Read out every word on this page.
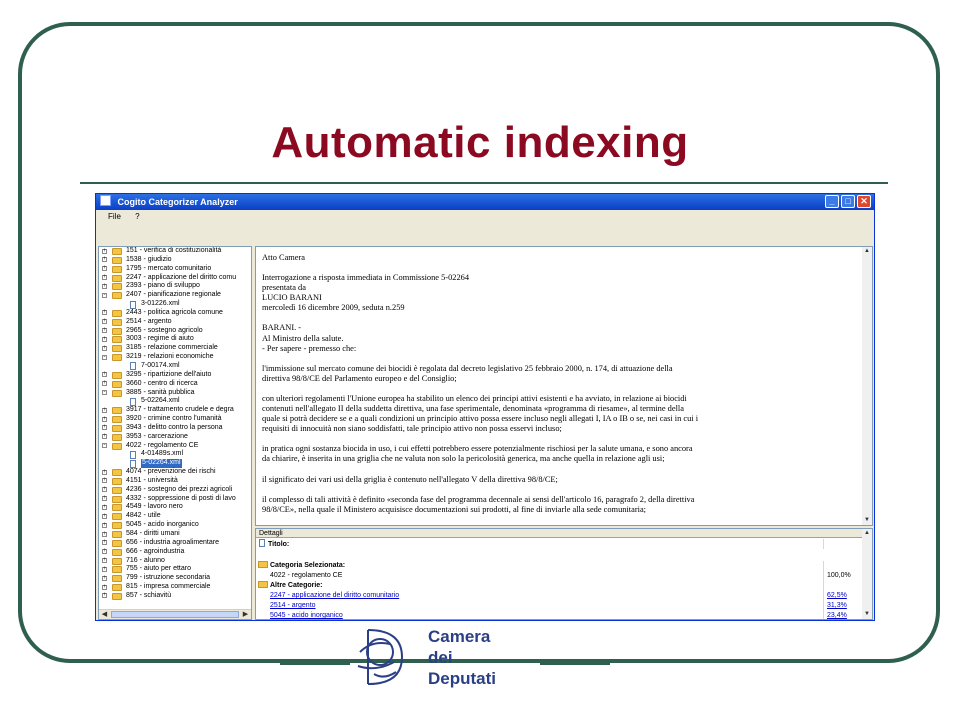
Automatic indexing
Cogito Categorizer Analyzer	_	□	✕
File ?
+	151 - verifica di costituzionalità
+	1538 - giudizio
+	1795 - mercato comunitario
+	2247 - applicazione del diritto comu
+	2393 - piano di sviluppo
-	2407 - pianificazione regionale
3-01226.xml
+	2443 - politica agricola comune
+	2514 - argento
+	2965 - sostegno agricolo
+	3003 - regime di aiuto
+	3185 - relazione commerciale
-	3219 - relazioni economiche
7-00174.xml
+	3295 - ripartizione dell'aiuto
+	3660 - centro di ricerca
-	3885 - sanità pubblica
5-02264.xml
+	3917 - trattamento crudele e degra
+	3920 - crimine contro l'umanità
+	3943 - delitto contro la persona
+	3953 - carcerazione
-	4022 - regolamento CE
4-01489s.xml
5-02264.xml
+	4074 - prevenzione dei rischi
+	4151 - università
+	4236 - sostegno dei prezzi agricoli
+	4332 - soppressione di posti di lavo
+	4549 - lavoro nero
+	4842 - utile
+	5045 - acido inorganico
+	584 - diritti umani
+	656 - industria agroalimentare
+	666 - agroindustria
+	716 - alunno
+	755 - aiuto per ettaro
+	799 - istruzione secondaria
+	815 - impresa commerciale
+	857 - schiavitù
◀	▶

Atto Camera

Interrogazione a risposta immediata in Commissione 5-02264

presentata da

LUCIO BARANI

mercoledì 16 dicembre 2009, seduta n.259

BARANI. -

Al Ministro della salute.

- Per sapere - premesso che:

l'immissione sul mercato comune dei biocidi è regolata dal decreto legislativo 25 febbraio 2000, n. 174, di attuazione della

direttiva 98/8/CE del Parlamento europeo e del Consiglio;

con ulteriori regolamenti l'Unione europea ha stabilito un elenco dei principi attivi esistenti e ha avviato, in relazione ai biocidi

contenuti nell'allegato II della suddetta direttiva, una fase sperimentale, denominata «programma di riesame», al termine della

quale si potrà decidere se e a quali condizioni un principio attivo possa essere incluso negli allegati I, IA o IB o se, nei casi in cui i

requisiti di innocuità non siano soddisfatti, tale principio attivo non possa esservi incluso;

in pratica ogni sostanza biocida in uso, i cui effetti potrebbero essere potenzialmente rischiosi per la salute umana, e sono ancora

da chiarire, è inserita in una griglia che ne valuta non solo la pericolosità generica, ma anche quella in relazione agli usi;

il significato dei vari usi della griglia è contenuto nell'allegato V della direttiva 98/8/CE;

il complesso di tali attività è definito «seconda fase del programma decennale ai sensi dell'articolo 16, paragrafo 2, della direttiva

98/8/CE», nella quale il Ministero acquisisce documentazioni sui prodotti, al fine di inviarle alla sede comunitaria;

▲
▼
Dettagli
Titolo:
Categoria Selezionata:
4022 - regolamento CE	100,0%
Altre Categorie:
2247 - applicazione del diritto comunitario	62,5%
2514 - argento	31,3%
5045 - acido inorganico	23,4%
▲
▼
Camera
dei
Deputati
